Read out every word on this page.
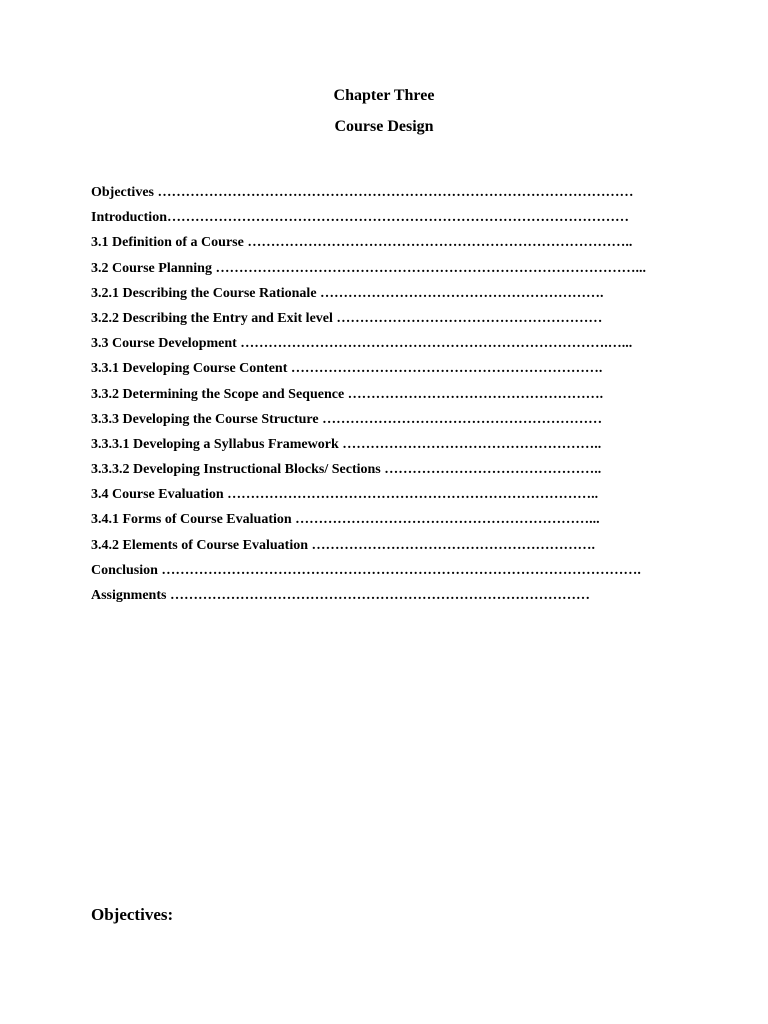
Chapter Three
Course Design
Objectives …………………………………………………………………………………………
Introduction………………………………………………………………………………………
3.1 Definition of a Course ………………………………………………………………………..
3.2 Course Planning ………………………………………………………………………………...
3.2.1 Describing the Course Rationale …………………………………………………….
3.2.2 Describing the Entry and Exit level …………………………………………………
3.3 Course Development …………………………………………………………………….…...
3.3.1 Developing Course Content ………………………………………………………….
3.3.2 Determining the Scope and Sequence ……………………………………………….
3.3.3 Developing the Course Structure ……………………………………………………
3.3.3.1 Developing a Syllabus Framework ………………………………………………..
3.3.3.2 Developing Instructional Blocks/ Sections ………………………………………..
3.4 Course Evaluation ……………………………………………………………………..
3.4.1 Forms of Course Evaluation ………………………………………………………...
3.4.2 Elements of Course Evaluation …………………………………………………….
Conclusion ………………………………………………………………………………………….
Assignments ………………………………………………………………………………
Objectives:
